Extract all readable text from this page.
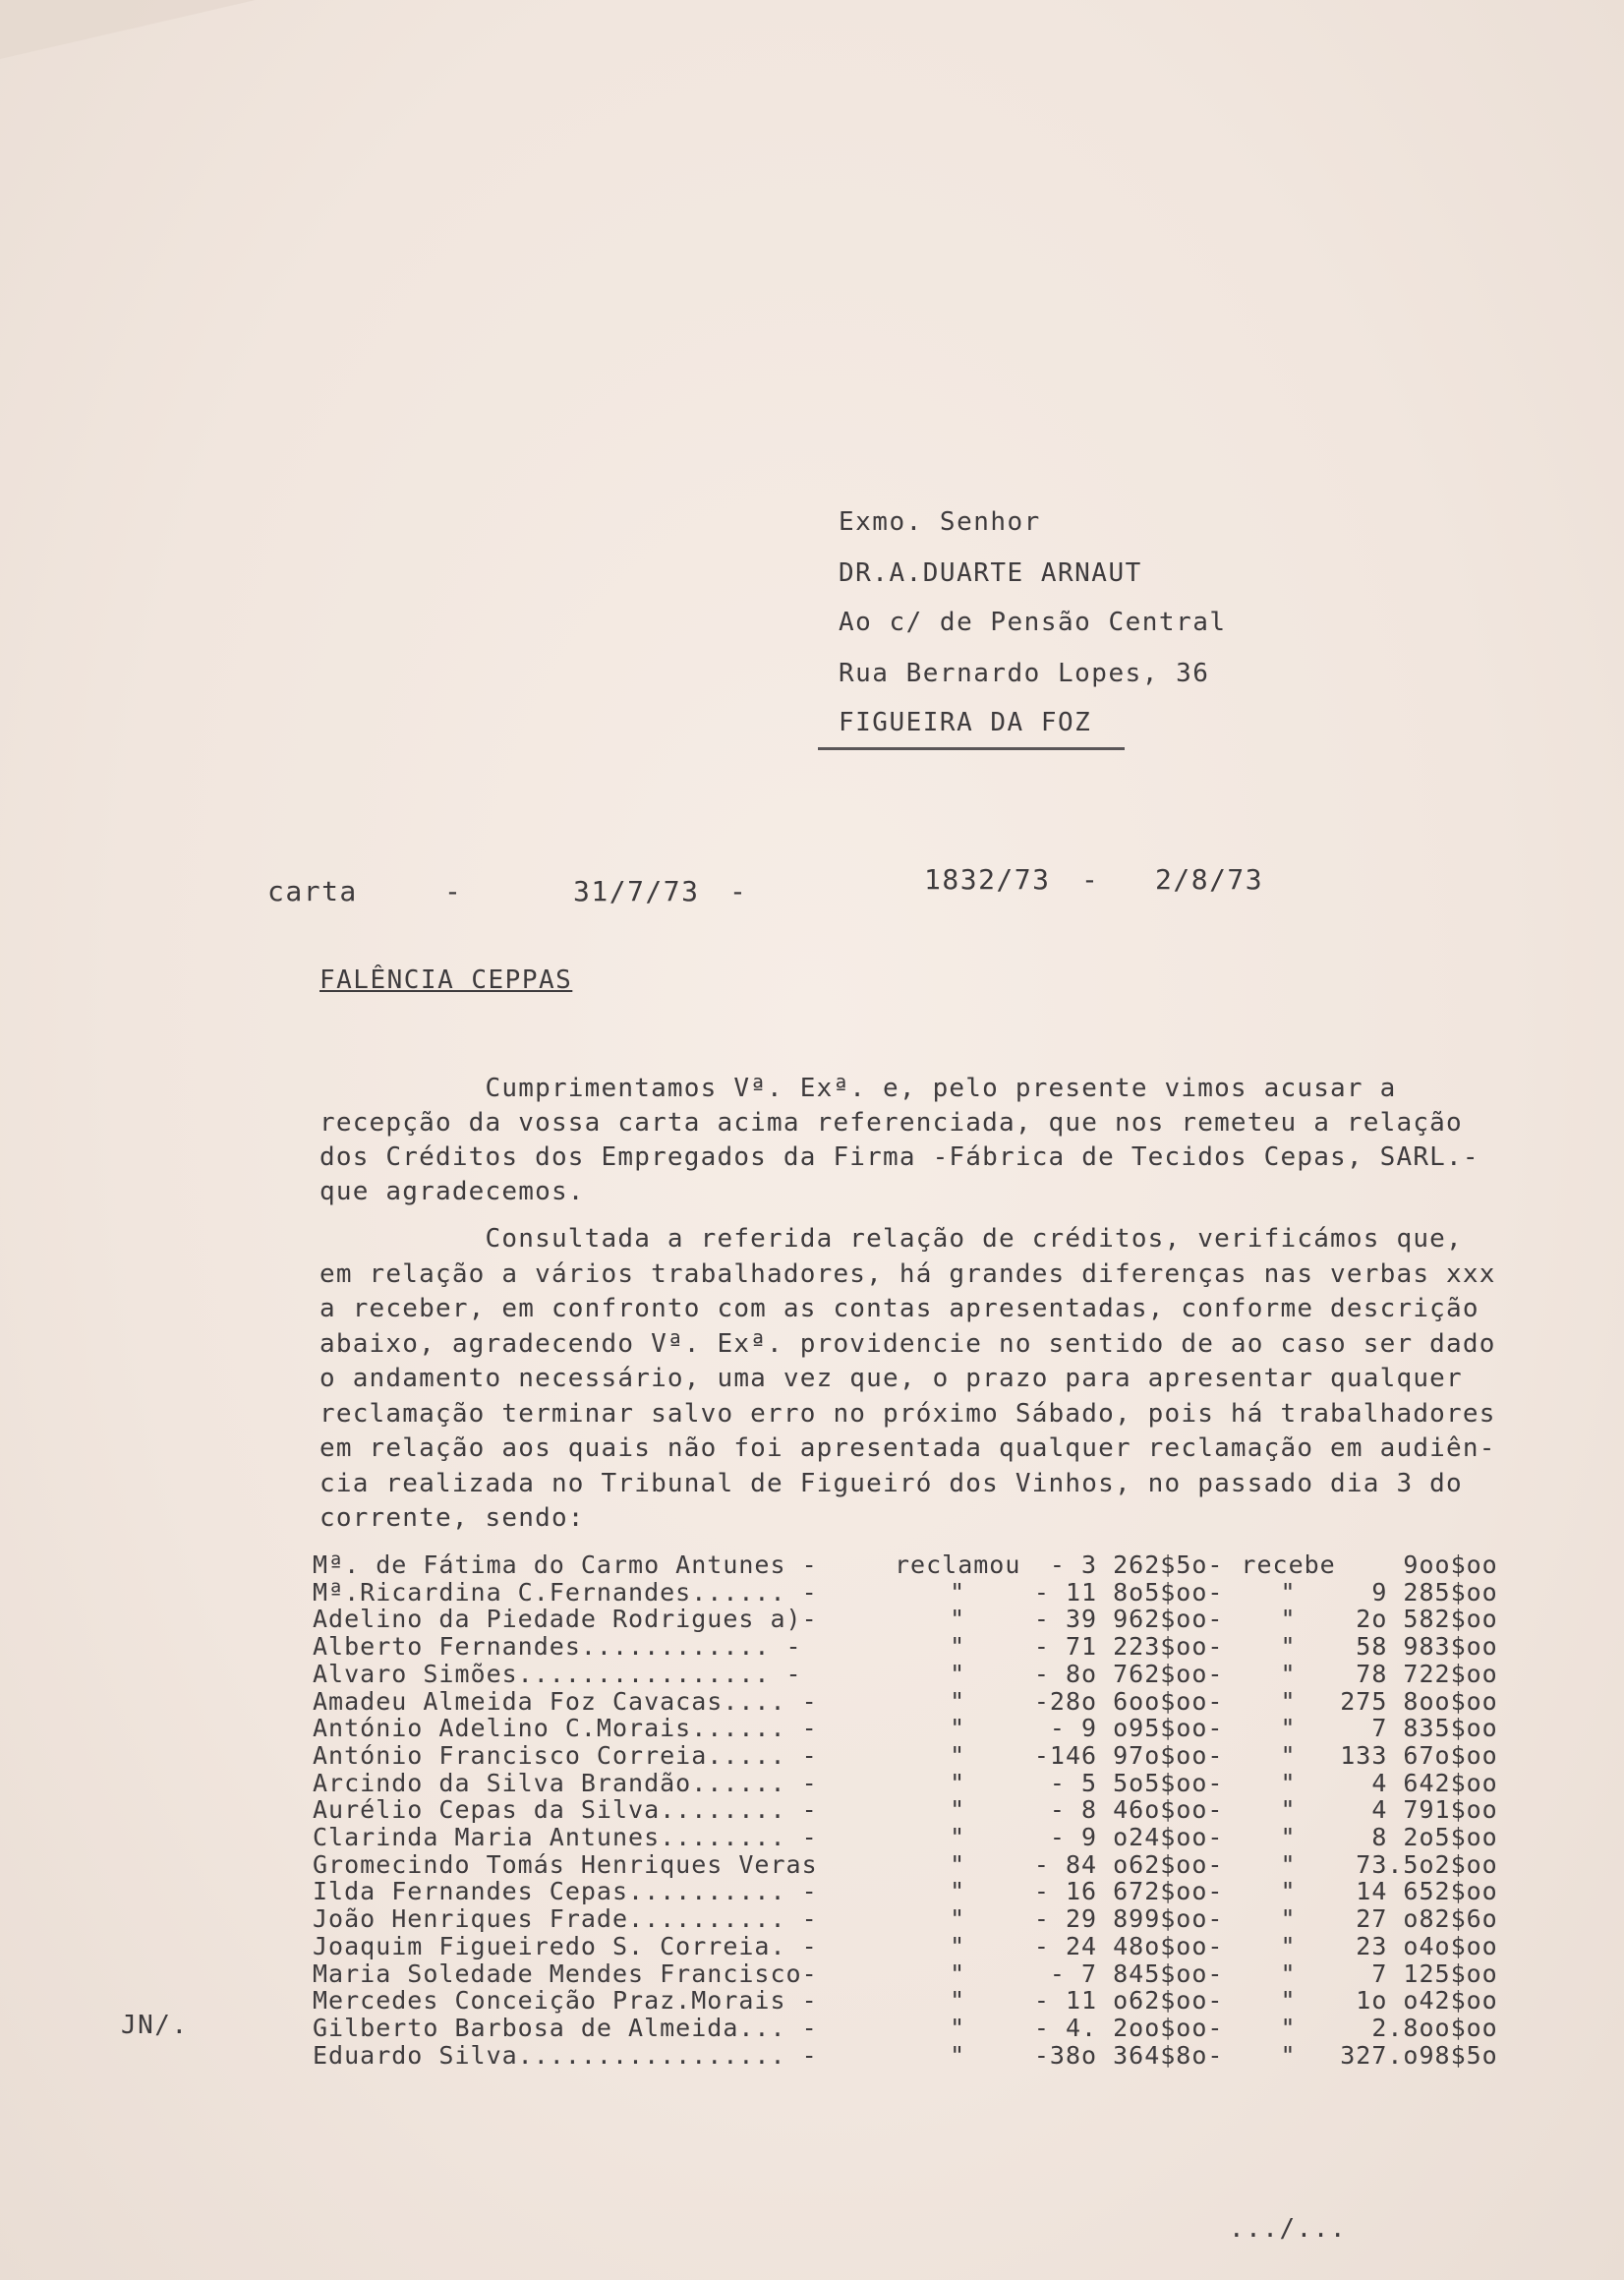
Exmo. Senhor
DR.A.DUARTE ARNAUT
Ao c/ de Pensão Central
Rua Bernardo Lopes, 36
FIGUEIRA DA FOZ
carta	-	31/7/73 -	1832/73 - 2/8/73
FALÊNCIA CEPPAS
Cumprimentamos Vª. Exª. e, pelo presente vimos acusar a
recepção da vossa carta acima referenciada, que nos remeteu a relação
dos Créditos dos Empregados da Firma -Fábrica de Tecidos Cepas, SARL.-
que agradecemos.
Consultada a referida relação de créditos, verificámos que,
em relação a vários trabalhadores, há grandes diferenças nas verbas xxx
a receber, em confronto com as contas apresentadas, conforme descrição
abaixo, agradecendo Vª. Exª. providencie no sentido de ao caso ser dado
o andamento necessário, uma vez que, o prazo para apresentar qualquer
reclamação terminar salvo erro no próximo Sábado, pois há trabalhadores
em relação aos quais não foi apresentada qualquer reclamação em audiên-
cia realizada no Tribunal de Figueiró dos Vinhos, no passado dia 3 do
corrente, sendo:
Mª. de Fátima do Carmo Antunes -	reclamou	- 3 262$5o	-	recebe	9oo$oo
Mª.Ricardina C.Fernandes...... -	"	- 11 8o5$oo	-	"	9 285$oo
Adelino da Piedade Rodrigues a)-	"	- 39 962$oo	-	"	2o 582$oo
Alberto Fernandes............ -	"	- 71 223$oo	-	"	58 983$oo
Alvaro Simões................ -	"	- 8o 762$oo	-	"	78 722$oo
Amadeu Almeida Foz Cavacas.... -	"	-28o 6oo$oo	-	"	275 8oo$oo
António Adelino C.Morais...... -	"	- 9 o95$oo	-	"	7 835$oo
António Francisco Correia..... -	"	-146 97o$oo	-	"	133 67o$oo
Arcindo da Silva Brandão...... -	"	- 5 5o5$oo	-	"	4 642$oo
Aurélio Cepas da Silva........ -	"	- 8 46o$oo	-	"	4 791$oo
Clarinda Maria Antunes........ -	"	- 9 o24$oo	-	"	8 2o5$oo
Gromecindo Tomás Henriques Veras	"	- 84 o62$oo	-	"	73.5o2$oo
Ilda Fernandes Cepas.......... -	"	- 16 672$oo	-	"	14 652$oo
João Henriques Frade.......... -	"	- 29 899$oo	-	"	27 o82$6o
Joaquim Figueiredo S. Correia. -	"	- 24 48o$oo	-	"	23 o4o$oo
Maria Soledade Mendes Francisco-	"	- 7 845$oo	-	"	7 125$oo
Mercedes Conceição Praz.Morais -	"	- 11 o62$oo	-	"	1o o42$oo
Gilberto Barbosa de Almeida... -	"	- 4. 2oo$oo	-	"	2.8oo$oo
Eduardo Silva................. -	"	-38o 364$8o	-	"	327.o98$5o
JN/.
.../...
